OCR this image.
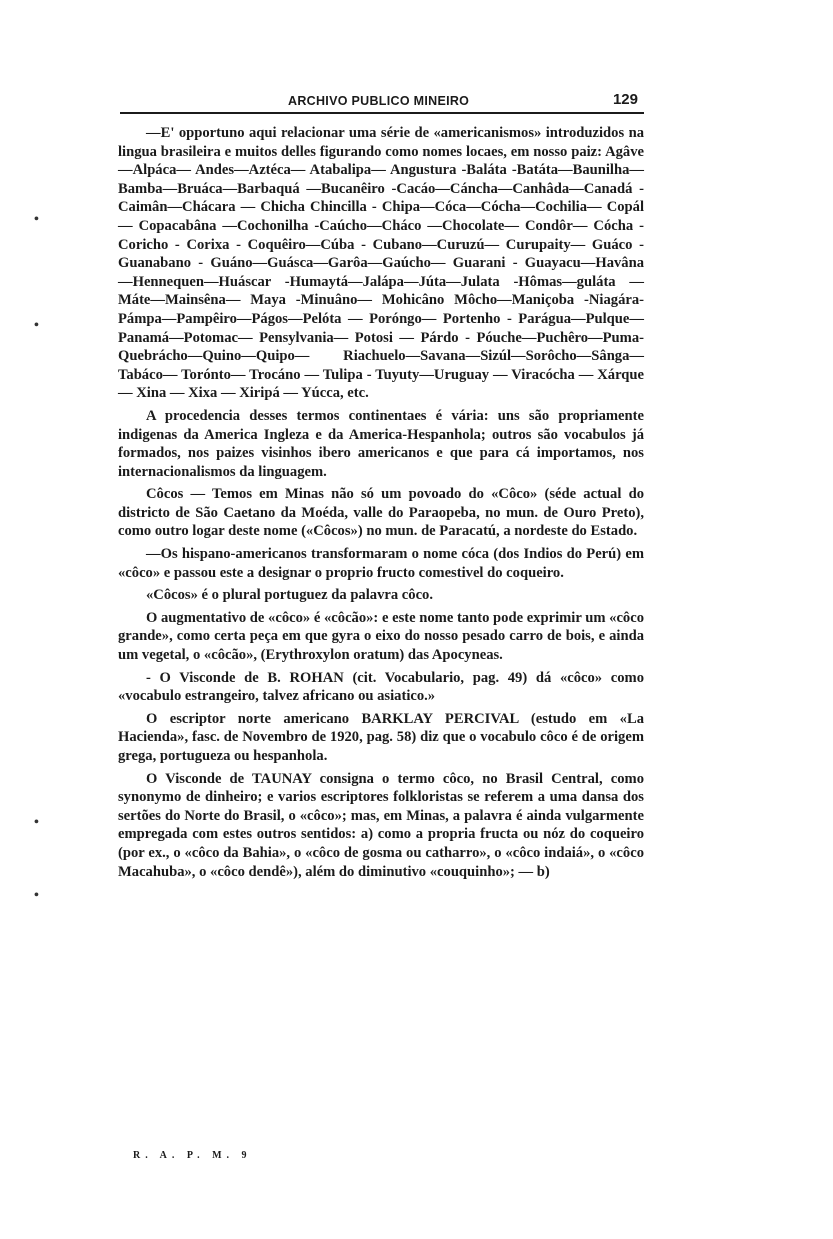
ARCHIVO PUBLICO MINEIRO	129

—E' opportuno aqui relacionar uma série de «americanismos» introduzidos na lingua brasileira e muitos delles figurando como nomes locaes, em nosso paiz: Agâve—Alpáca— Andes—Aztéca— Atabalipa— Angustura -Baláta -Batáta—Baunilha—Bamba—Bruáca—Barbaquá —Bucanêiro -Cacáo—Cáncha—Canhâda—Canadá -Caimân—Chácara — Chicha Chincilla - Chipa—Cóca—Cócha—Cochilia— Copál — Copacabâna —Cochonilha -Caúcho—Cháco —Chocolate— Condôr— Cócha - Coricho - Corixa - Coquêiro—Cúba - Cubano—Curuzú— Curupaity— Guáco -Guanabano - Guáno—Guásca—Garôa—Gaúcho— Guarani - Guayacu—Havâna —Hennequen—Huáscar -Humaytá—Jalápa—Júta—Julata -Hômas—guláta —Máte—Mainsêna— Maya -Minuâno— Mohicâno Môcho—Maniçoba -Niagára-Pámpa—Pampêiro—Págos—Pelóta — Poróngo— Portenho - Parágua—Pulque—Panamá—Potomac— Pensylvania— Potosi — Párdo - Póuche—Puchêro—Puma-Quebrácho—Quino—Quipo— Riachuelo—Savana—Sizúl—Sorôcho—Sânga—Tabáco— Torónto— Trocáno — Tulipa - Tuyuty—Uruguay — Viracócha — Xárque — Xina — Xixa — Xiripá — Yúcca, etc.

A procedencia desses termos continentaes é vária: uns são propriamente indigenas da America Ingleza e da America-Hespanhola; outros são vocabulos já formados, nos paizes visinhos ibero americanos e que para cá importamos, nos internacionalismos da linguagem.

Côcos — Temos em Minas não só um povoado do «Côco» (séde actual do districto de São Caetano da Moéda, valle do Paraopeba, no mun. de Ouro Preto), como outro logar deste nome («Côcos») no mun. de Paracatú, a nordeste do Estado.

—Os hispano-americanos transformaram o nome cóca (dos Indios do Perú) em «côco» e passou este a designar o proprio fructo comestivel do coqueiro.

«Côcos» é o plural portuguez da palavra côco.

O augmentativo de «côco» é «côcão»: e este nome tanto pode exprimir um «côco grande», como certa peça em que gyra o eixo do nosso pesado carro de bois, e ainda um vegetal, o «côcão», (Erythroxylon oratum) das Apocyneas.

- O Visconde de B. ROHAN (cit. Vocabulario, pag. 49) dá «côco» como «vocabulo estrangeiro, talvez africano ou asiatico.»

O escriptor norte americano BARKLAY PERCIVAL (estudo em «La Hacienda», fasc. de Novembro de 1920, pag. 58) diz que o vocabulo côco é de origem grega, portugueza ou hespanhola.

O Visconde de TAUNAY consigna o termo côco, no Brasil Central, como synonymo de dinheiro; e varios escriptores folkloristas se referem a uma dansa dos sertões do Norte do Brasil, o «côco»; mas, em Minas, a palavra é ainda vulgarmente empregada com estes outros sentidos: a) como a propria fructa ou nóz do coqueiro (por ex., o «côco da Bahia», o «côco de gosma ou catharro», o «côco indaiá», o «côco Macahuba», o «côco dendê»), além do diminutivo «couquinho»; — b)

R. A. P. M. 9
•
•
•
•
